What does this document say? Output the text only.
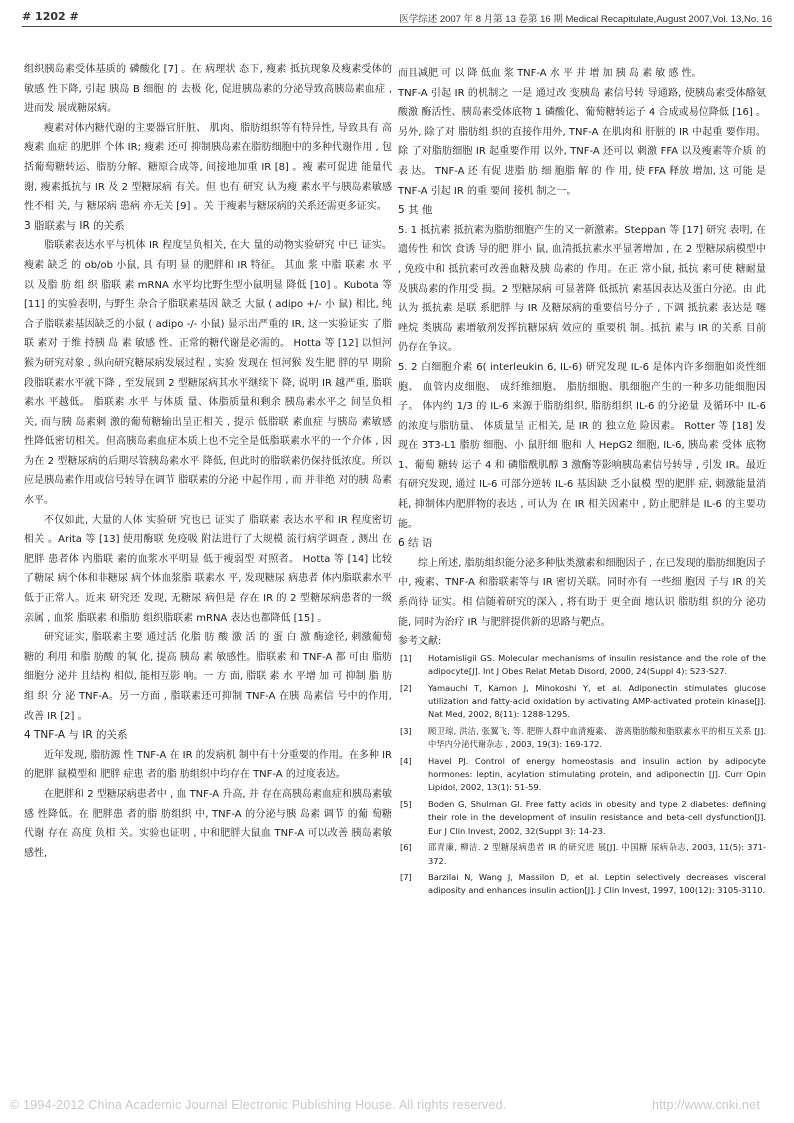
# 1202 #	医学综述 2007 年 8 月第 13 卷第 16 期 Medical Recapitulate,August 2007,Vol. 13,No. 16

组织胰岛素受体基质的 磷酸化 [7] 。在 病理状 态下, 瘦素 抵抗现象及瘦素受体的 敏感 性下降, 引起 胰岛 B 细胞 的 去极 化, 促进胰岛素的分泌导致高胰岛素血症 , 进而发 展成糖尿病。

瘦素对体内糖代谢的主要器官肝脏、 肌肉、脂肪组织等有特异性, 导致具有 高瘦素 血症 的肥胖 个体 IR; 瘦素 还可 抑制胰岛素在脂肪细胞中的多种代谢作用 , 包括葡萄糖转运、脂肪分解、糖原合成等, 间接地加重 IR [8] 。瘦 素可促进 能量代 谢, 瘦素抵抗与 IR 及 2 型糖尿病 有关。但 也有 研究 认为瘦 素水平与胰岛素敏感性不相 关, 与 糖尿病 患病 亦无关 [9] 。关 于瘦素与糖尿病的关系还需更多证实。

3 脂联素与 IR 的关系

脂联素表达水平与机体 IR 程度呈负相关, 在大 量的动物实验研究 中已 证实。 瘦素 缺乏 的 ob/ob 小鼠, 具 有明 显 的肥胖和 IR 特征。 其血 浆 中脂 联素 水 平 以 及脂 肪 组 织 脂联 素 mRNA 水平均比野生型小鼠明显 降低 [10] 。Kubota 等 [11] 的实验表明, 与野生 杂合子脂联素基因 缺乏 大鼠 ( adipo +/- 小 鼠) 相比, 纯合子脂联素基因缺乏的小鼠 ( adipo -/- 小鼠) 显示出严重的 IR, 这一实验证实 了脂联 素对 于维 持胰 岛 素 敏感 性、正常的糖代谢是必需的。 Hotta 等 [12] 以恒河猴为研究对象 , 纵向研究糖尿病发展过程 , 实验 发现在 恒河猴 发生肥 胖的早 期阶段脂联素水平就下降 , 至发展到 2 型糖尿病其水平继续下 降, 说明 IR 越严重, 脂联素水 平越低。 脂联素 水平 与体质 量、体脂质量和剩余 胰岛素水平之 间呈负相 关, 而与胰 岛素刺 激的葡萄糖输出呈正相关 , 提示 低脂联 素血症 与胰岛 素敏感 性降低密切相关。但高胰岛素血症本质上也不完全是低脂联素水平的一个介体 , 因为在 2 型糖尿病的后期尽管胰岛素水平 降低, 但此时的脂联素仍保持低浓度。所以应是胰岛素作用或信号转导在调节 脂联素的分泌 中起作用 , 而 并非绝 对的胰 岛素水平。

不仅如此, 大量的人体 实验研 究也已 证实了 脂联素 表达水平和 IR 程度密切相关 。Arita 等 [13] 使用酶联 免疫吸 附法进行了大规模 流行病学调查 , 测出 在肥胖 患者体 内脂联 素的血浆水平明显 低于瘦弱型 对照者。 Hotta 等 [14] 比较 了糖尿 病个体和非糖尿 病个体血浆脂 联素水 平, 发现糖尿 病患者 体内脂联素水平低于正常人。近来 研究还 发现, 无糖尿 病但是 存在 IR 的 2 型糖尿病患者的一级亲属 , 血浆 脂联素 和脂肪 组织脂联素 mRNA 表达也都降低 [15] 。

研究证实, 脂联素主要 通过活 化脂 肪 酸 激 活 的 蛋 白 激 酶途径, 刺激葡萄 糖的 利用 和脂 肪酸 的氧 化, 提高 胰岛 素 敏感性。脂联素 和 TNF-A 都 可由 脂肪 细胞分 泌并 且结构 相似, 能相互影 响。一 方 面, 脂联 素 水 平增 加 可 抑制 脂 肪 组 织 分 泌 TNF-A。另一方面 , 脂联素还可抑制 TNF-A 在胰 岛素信 号中的作用, 改善 IR [2] 。

4 TNF-A 与 IR 的关系

近年发现, 脂肪源 性 TNF-A 在 IR 的发病机 制中有十分重要的作用。在多种 IR 的肥胖 鼠模型和 肥胖 症患 者的脂 肪组织中均存在 TNF-A 的过度表达。

在肥胖和 2 型糖尿病患者中 , 血 TNF-A 升高, 并 存在高胰岛素血症和胰岛素敏感 性降低。在 肥胖患 者的脂 肪组织 中, TNF-A 的分泌与胰 岛素 调节 的葡 萄糖 代谢 存在 高度 负相 关。实验也证明 , 中和肥胖大鼠血 TNF-A 可以改善 胰岛素敏 感性,

而且减肥 可 以 降 低血 浆 TNF-A 水 平 并 增 加 胰 岛 素 敏 感 性。

TNF-A 引起 IR 的机制之 一是 通过改 变胰岛 素信号转 导通路, 使胰岛素受体酪氨酸激 酶活性、胰岛素受体底物 1 磷酸化、葡萄糖转运子 4 合成或易位降低 [16] 。另外, 除了对 脂肪组 织的直接作用外, TNF-A 在肌肉和 肝脏的 IR 中起重 要作用。 除 了对脂肪细胞 IR 起重要作用 以外, TNF-A 还可以 刺激 FFA 以及瘦素等介质 的表 达。 TNF-A 还 有促 进脂 肪 细 胞脂 解 的 作 用, 使 FFA 释放 增加, 这 可能 是 TNF-A 引起 IR 的重 要间 接机 制之一。

5 其 他

5. 1 抵抗素 抵抗素为脂肪细胞产生的又一新激素。Steppan 等 [17] 研究 表明, 在遗传性 和饮 食诱 导的肥 胖小 鼠, 血清抵抗素水平显著增加 , 在 2 型糖尿病模型中 , 免疫中和 抵抗素可改善血糖及胰 岛素的 作用。在正 常小鼠, 抵抗 素可使 糖耐量及胰岛素的作用受 损。2 型糖尿病 可显著降 低抵抗 素基因表达及蛋白分泌。由 此认为 抵抗素 是联 系肥胖 与 IR 及糖尿病的重要信号分子 , 下调 抵抗素 表达是 噻唑烷 类胰岛 素增敏剂发挥抗糖尿病 效应的 重要机 制。抵抗 素与 IR 的关系 目前仍存在争议。

5. 2 白细胞介素 6( interleukin 6, IL-6) 研究发现 IL-6 是体内许多细胞如炎性细胞、 血管内皮细胞、 成纤维细胞、 脂肪细胞、肌细胞产生的一种多功能细胞因 子。 体内约 1/3 的 IL-6 来源于脂肪组织, 脂肪组织 IL-6 的分泌量 及循环中 IL-6 的浓度与脂肪量、 体质量呈 正相关, 是 IR 的 独立危 险因素。 Rotter 等 [18] 发现在 3T3-L1 脂肪 细胞、小 鼠肝细 胞和 人 HepG2 细胞, IL-6, 胰岛素 受体 底物 1、葡萄 糖转 运子 4 和 磷脂酰肌醇 3 激酶等影响胰岛素信号转导 , 引发 IR。最近 有研究发现, 通过 IL-6 可部分逆转 IL-6 基因缺 乏小鼠模 型的肥胖 症, 刺激能量消耗, 抑制体内肥胖物的表达 , 可认为 在 IR 相关因素中 , 防止肥胖是 IL-6 的主要功能。

6 结 语

综上所述, 脂肪组织能分泌多种肽类激素和细胞因子 , 在已发现的脂肪细胞因子 中, 瘦素、TNF-A 和脂联素等与 IR 密切关联。同时亦有 一些细 胞因 子与 IR 的关 系尚待 证实。相 信随着研究的深入 , 将有助于 更全面 地认识 脂肪组 织的分 泌功能, 同时为治疗 IR 与肥胖提供新的思路与靶点。

参考文献:

[1] Hotamisligil GS. Molecular mechanisms of insulin resistance and the role of the adipocyte[J]. Int J Obes Relat Metab Disord, 2000, 24(Suppl 4): S23-S27.

[2] Yamauchi T, Kamon J, Minokoshi Y, et al. Adiponectin stimulates glucose utilization and fatty-acid oxidation by activating AMP-activated protein kinase[J]. Nat Med, 2002, 8(11): 1288-1295.

[3] 顾卫琼, 洪洁, 张翼飞, 等. 肥胖人群中血清瘦素、 游离脂肪酸和脂联素水平的相互关系 [J]. 中华内分泌代谢杂志 , 2003, 19(3): 169-172.

[4] Havel PJ. Control of energy homeostasis and insulin action by adipocyte hormones: leptin, acylation stimulating protein, and adiponectin [J]. Curr Opin Lipidol, 2002, 13(1): 51-59.

[5] Boden G, Shulman GI. Free fatty acids in obesity and type 2 diabetes: defining their role in the development of insulin resistance and beta-cell dysfunction[J]. Eur J Clin Invest, 2002, 32(Suppl 3): 14-23.

[6] 邵青廉, 柳洁. 2 型糖尿病患者 IR 的研究进 展[J]. 中国糖 尿病杂志, 2003, 11(5): 371-372.

[7] Barzilai N, Wang J, Massilon D, et al. Leptin selectively decreases visceral adiposity and enhances insulin action[J]. J Clin Invest, 1997, 100(12): 3105-3110.

© 1994-2012 China Academic Journal Electronic Publishing House. All rights reserved.	http://www.cnki.net
